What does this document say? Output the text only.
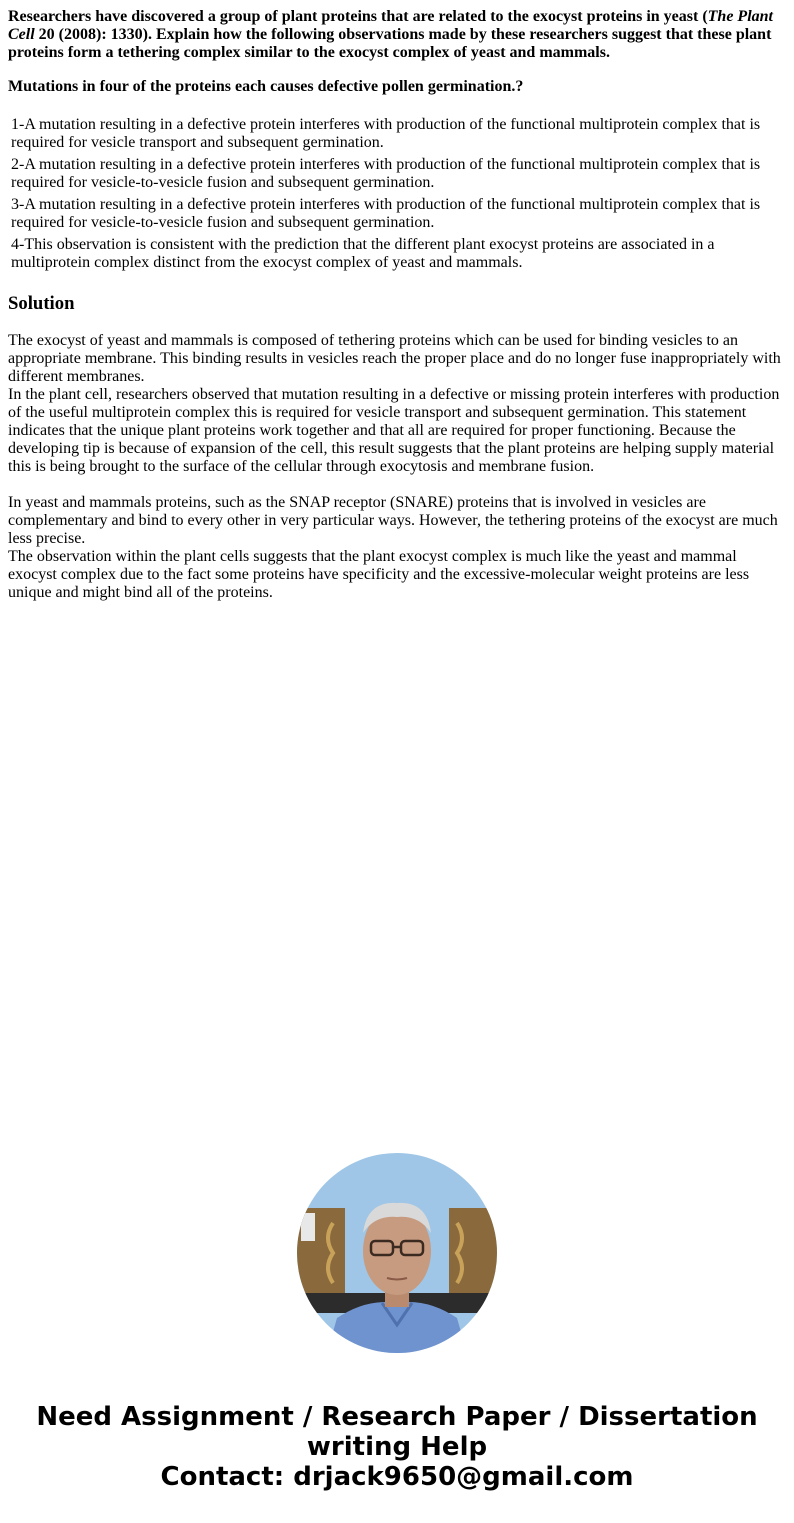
Researchers have discovered a group of plant proteins that are related to the exocyst proteins in yeast (The Plant Cell 20 (2008): 1330). Explain how the following observations made by these researchers suggest that these plant proteins form a tethering complex similar to the exocyst complex of yeast and mammals.

Mutations in four of the proteins each causes defective pollen germination.?

1-A mutation resulting in a defective protein interferes with production of the functional multiprotein complex that is required for vesicle transport and subsequent germination.
2-A mutation resulting in a defective protein interferes with production of the functional multiprotein complex that is required for vesicle-to-vesicle fusion and subsequent germination.
3-A mutation resulting in a defective protein interferes with production of the functional multiprotein complex that is required for vesicle-to-vesicle fusion and subsequent germination.
4-This observation is consistent with the prediction that the different plant exocyst proteins are associated in a multiprotein complex distinct from the exocyst complex of yeast and mammals.
Solution

The exocyst of yeast and mammals is composed of tethering proteins which can be used for binding vesicles to an appropriate membrane. This binding results in vesicles reach the proper place and do no longer fuse inappropriately with different membranes.

In the plant cell, researchers observed that mutation resulting in a defective or missing protein interferes with production of the useful multiprotein complex this is required for vesicle transport and subsequent germination. This statement indicates that the unique plant proteins work together and that all are required for proper functioning. Because the developing tip is because of expansion of the cell, this result suggests that the plant proteins are helping supply material this is being brought to the surface of the cellular through exocytosis and membrane fusion.

In yeast and mammals proteins, such as the SNAP receptor (SNARE) proteins that is involved in vesicles are complementary and bind to every other in very particular ways. However, the tethering proteins of the exocyst are much less precise.

The observation within the plant cells suggests that the plant exocyst complex is much like the yeast and mammal exocyst complex due to the fact some proteins have specificity and the excessive-molecular weight proteins are less unique and might bind all of the proteins.

Need Assignment / Research Paper / Dissertation
writing Help
Contact: drjack9650@gmail.com
